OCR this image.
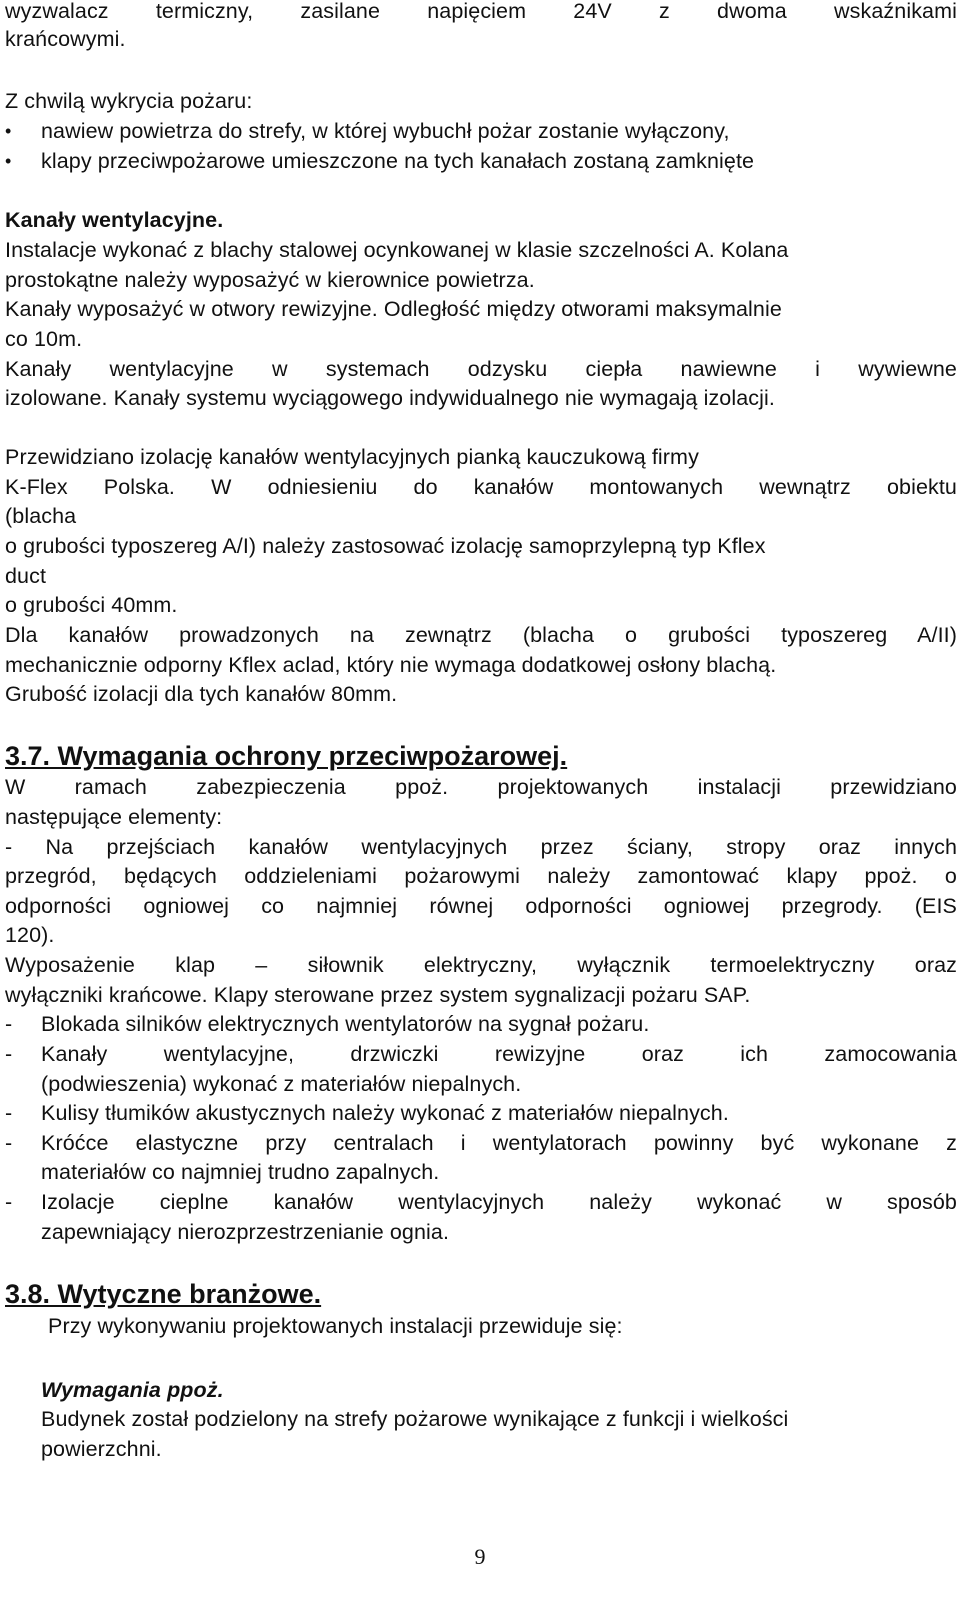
wyzwalacz termiczny, zasilane napięciem 24V z dwoma wskaźnikami
krańcowymi.
Z chwilą wykrycia pożaru:
• nawiew powietrza do strefy, w której wybuchł pożar zostanie wyłączony,
• klapy przeciwpożarowe umieszczone na tych kanałach zostaną zamknięte
Kanały wentylacyjne.
Instalacje wykonać z blachy stalowej ocynkowanej w klasie szczelności A. Kolana
prostokątne należy wyposażyć w kierownice powietrza.
Kanały wyposażyć w otwory rewizyjne. Odległość między otworami maksymalnie
co 10m.
Kanały wentylacyjne w systemach odzysku ciepła nawiewne i wywiewne
izolowane. Kanały systemu wyciągowego indywidualnego nie wymagają izolacji.
Przewidziano izolację kanałów wentylacyjnych pianką kauczukową firmy
K-Flex Polska. W odniesieniu do kanałów montowanych wewnątrz obiektu
(blacha
o grubości typoszereg A/I) należy zastosować izolację samoprzylepną typ Kflex
duct
o grubości 40mm.
Dla kanałów prowadzonych na zewnątrz (blacha o grubości typoszereg A/II)
mechanicznie odporny Kflex aclad, który nie wymaga dodatkowej osłony blachą.
Grubość izolacji dla tych kanałów 80mm.
3.7. Wymagania ochrony przeciwpożarowej.
W ramach zabezpieczenia ppoż. projektowanych instalacji przewidziano
następujące elementy:
- Na przejściach kanałów wentylacyjnych przez ściany, stropy oraz innych
przegród, będących oddzieleniami pożarowymi należy zamontować klapy ppoż. o
odporności ogniowej co najmniej równej odporności ogniowej przegrody. (EIS
120).
Wyposażenie klap – siłownik elektryczny, wyłącznik termoelektryczny oraz
wyłączniki krańcowe. Klapy sterowane przez system sygnalizacji pożaru SAP.
- Blokada silników elektrycznych wentylatorów na sygnał pożaru.
- Kanały wentylacyjne, drzwiczki rewizyjne oraz ich zamocowania
(podwieszenia) wykonać z materiałów niepalnych.
- Kulisy tłumików akustycznych należy wykonać z materiałów niepalnych.
- Króćce elastyczne przy centralach i wentylatorach powinny być wykonane z
materiałów co najmniej trudno zapalnych.
- Izolacje cieplne kanałów wentylacyjnych należy wykonać w sposób
zapewniający nierozprzestrzenianie ognia.
3.8. Wytyczne branżowe.
Przy wykonywaniu projektowanych instalacji przewiduje się:
Wymagania ppoż.
Budynek został podzielony na strefy pożarowe wynikające z funkcji i wielkości
powierzchni.
9
